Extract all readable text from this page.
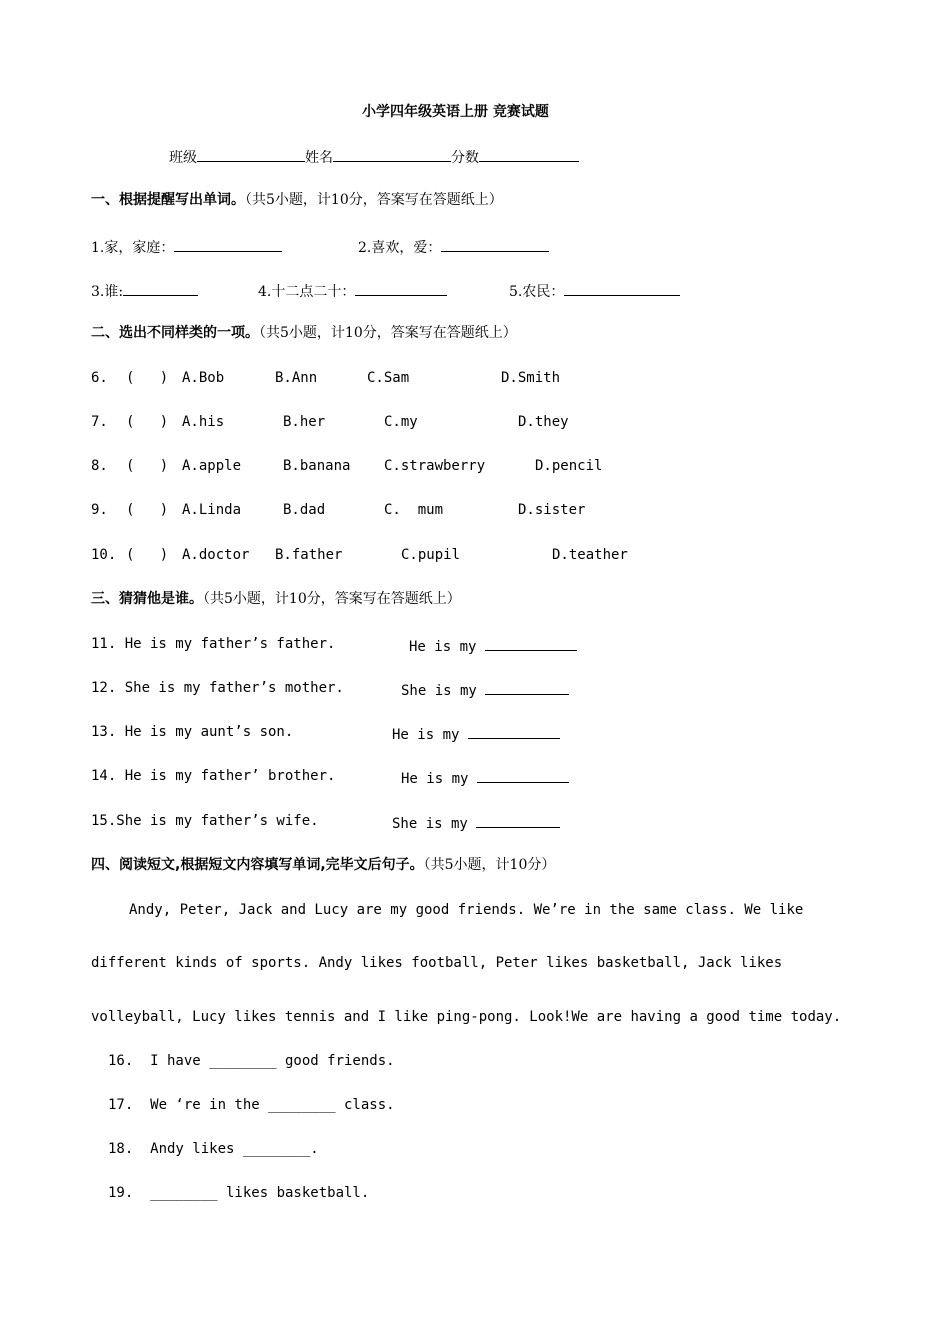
小学四年级英语上册 竞赛试题
班级	姓名	分数
一、根据提醒写出单词。（共5小题，计10分，答案写在答题纸上）
1.家，家庭：	2.喜欢，爱：
3.谁:	4.十二点二十：	5.农民：
二、选出不同样类的一项。（共5小题，计10分，答案写在答题纸上）
6. (   ) A.Bob	B.Ann	C.Sam	D.Smith
7. (   ) A.his	B.her	C.my	D.they
8. (   ) A.apple	B.banana C.strawberry	D.pencil
9. (   ) A.Linda	B.dad	C.  mum	D.sister
10. (   ) A.doctor B.father	C.pupil	D.teather
三、猜猜他是谁。（共5小题，计10分，答案写在答题纸上）
11. He is my father’s father.	He is my
12. She is my father’s mother.	She is my
13. He is my aunt’s son.	He is my
14. He is my father’ brother.	He is my
15.She is my father’s wife.	She is my
四、阅读短文,根据短文内容填写单词,完毕文后句子。（共5小题，计10分）
Andy, Peter, Jack and Lucy are my good friends. We’re in the same class. We like
different kinds of sports. Andy likes football, Peter likes basketball, Jack likes
volleyball, Lucy likes tennis and I like ping-pong. Look!We are having a good time today.
16.  I have ________ good friends.
17.  We ‘re in the ________ class.
18.  Andy likes ________.
19.  ________ likes basketball.
